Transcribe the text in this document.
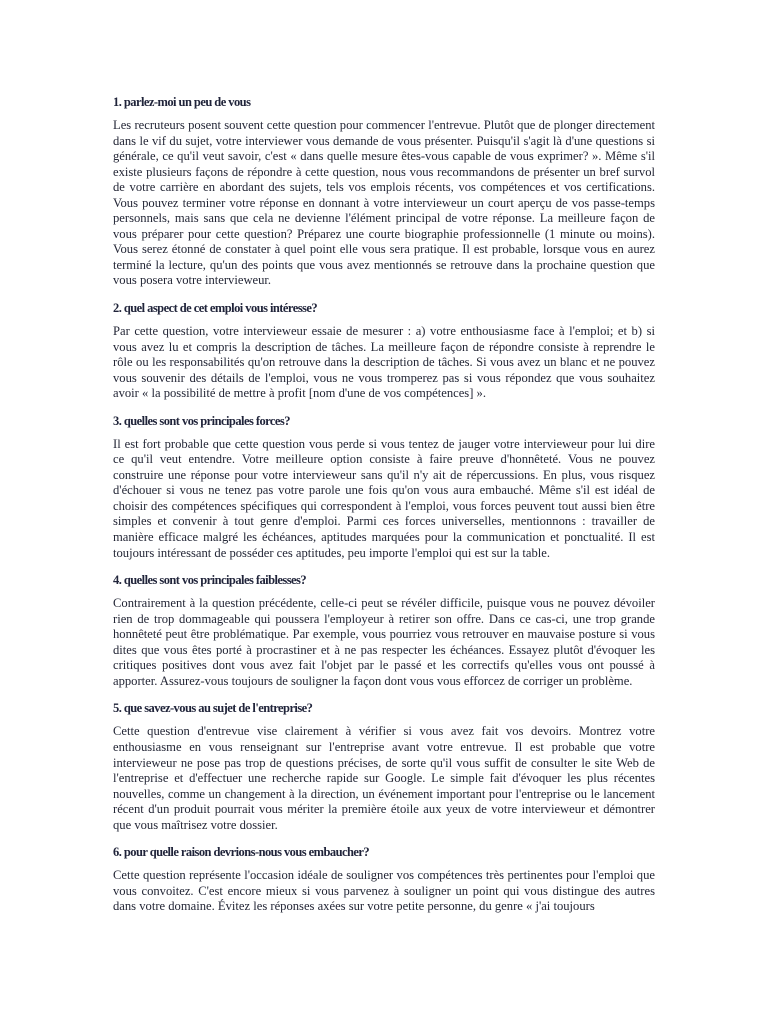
1. parlez-moi un peu de vous

Les recruteurs posent souvent cette question pour commencer l'entrevue. Plutôt que de plonger directement dans le vif du sujet, votre interviewer vous demande de vous présenter. Puisqu'il s'agit là d'une questions si générale, ce qu'il veut savoir, c'est « dans quelle mesure êtes-vous capable de vous exprimer? ». Même s'il existe plusieurs façons de répondre à cette question, nous vous recommandons de présenter un bref survol de votre carrière en abordant des sujets, tels vos emplois récents, vos compétences et vos certifications. Vous pouvez terminer votre réponse en donnant à votre intervieweur un court aperçu de vos passe-temps personnels, mais sans que cela ne devienne l'élément principal de votre réponse. La meilleure façon de vous préparer pour cette question? Préparez une courte biographie professionnelle (1 minute ou moins). Vous serez étonné de constater à quel point elle vous sera pratique. Il est probable, lorsque vous en aurez terminé la lecture, qu'un des points que vous avez mentionnés se retrouve dans la prochaine question que vous posera votre intervieweur.

2. quel aspect de cet emploi vous intéresse?

Par cette question, votre intervieweur essaie de mesurer : a) votre enthousiasme face à l'emploi; et b) si vous avez lu et compris la description de tâches. La meilleure façon de répondre consiste à reprendre le rôle ou les responsabilités qu'on retrouve dans la description de tâches. Si vous avez un blanc et ne pouvez vous souvenir des détails de l'emploi, vous ne vous tromperez pas si vous répondez que vous souhaitez avoir « la possibilité de mettre à profit [nom d'une de vos compétences] ».

3. quelles sont vos principales forces?

Il est fort probable que cette question vous perde si vous tentez de jauger votre intervieweur pour lui dire ce qu'il veut entendre. Votre meilleure option consiste à faire preuve d'honnêteté. Vous ne pouvez construire une réponse pour votre intervieweur sans qu'il n'y ait de répercussions. En plus, vous risquez d'échouer si vous ne tenez pas votre parole une fois qu'on vous aura embauché. Même s'il est idéal de choisir des compétences spécifiques qui correspondent à l'emploi, vous forces peuvent tout aussi bien être simples et convenir à tout genre d'emploi. Parmi ces forces universelles, mentionnons : travailler de manière efficace malgré les échéances, aptitudes marquées pour la communication et ponctualité. Il est toujours intéressant de posséder ces aptitudes, peu importe l'emploi qui est sur la table.

4. quelles sont vos principales faiblesses?

Contrairement à la question précédente, celle-ci peut se révéler difficile, puisque vous ne pouvez dévoiler rien de trop dommageable qui poussera l'employeur à retirer son offre. Dans ce cas-ci, une trop grande honnêteté peut être problématique. Par exemple, vous pourriez vous retrouver en mauvaise posture si vous dites que vous êtes porté à procrastiner et à ne pas respecter les échéances. Essayez plutôt d'évoquer les critiques positives dont vous avez fait l'objet par le passé et les correctifs qu'elles vous ont poussé à apporter. Assurez-vous toujours de souligner la façon dont vous vous efforcez de corriger un problème.

5. que savez-vous au sujet de l'entreprise?

Cette question d'entrevue vise clairement à vérifier si vous avez fait vos devoirs. Montrez votre enthousiasme en vous renseignant sur l'entreprise avant votre entrevue. Il est probable que votre intervieweur ne pose pas trop de questions précises, de sorte qu'il vous suffit de consulter le site Web de l'entreprise et d'effectuer une recherche rapide sur Google. Le simple fait d'évoquer les plus récentes nouvelles, comme un changement à la direction, un événement important pour l'entreprise ou le lancement récent d'un produit pourrait vous mériter la première étoile aux yeux de votre intervieweur et démontrer que vous maîtrisez votre dossier.

6. pour quelle raison devrions-nous vous embaucher?

Cette question représente l'occasion idéale de souligner vos compétences très pertinentes pour l'emploi que vous convoitez. C'est encore mieux si vous parvenez à souligner un point qui vous distingue des autres dans votre domaine. Évitez les réponses axées sur votre petite personne, du genre « j'ai toujours
